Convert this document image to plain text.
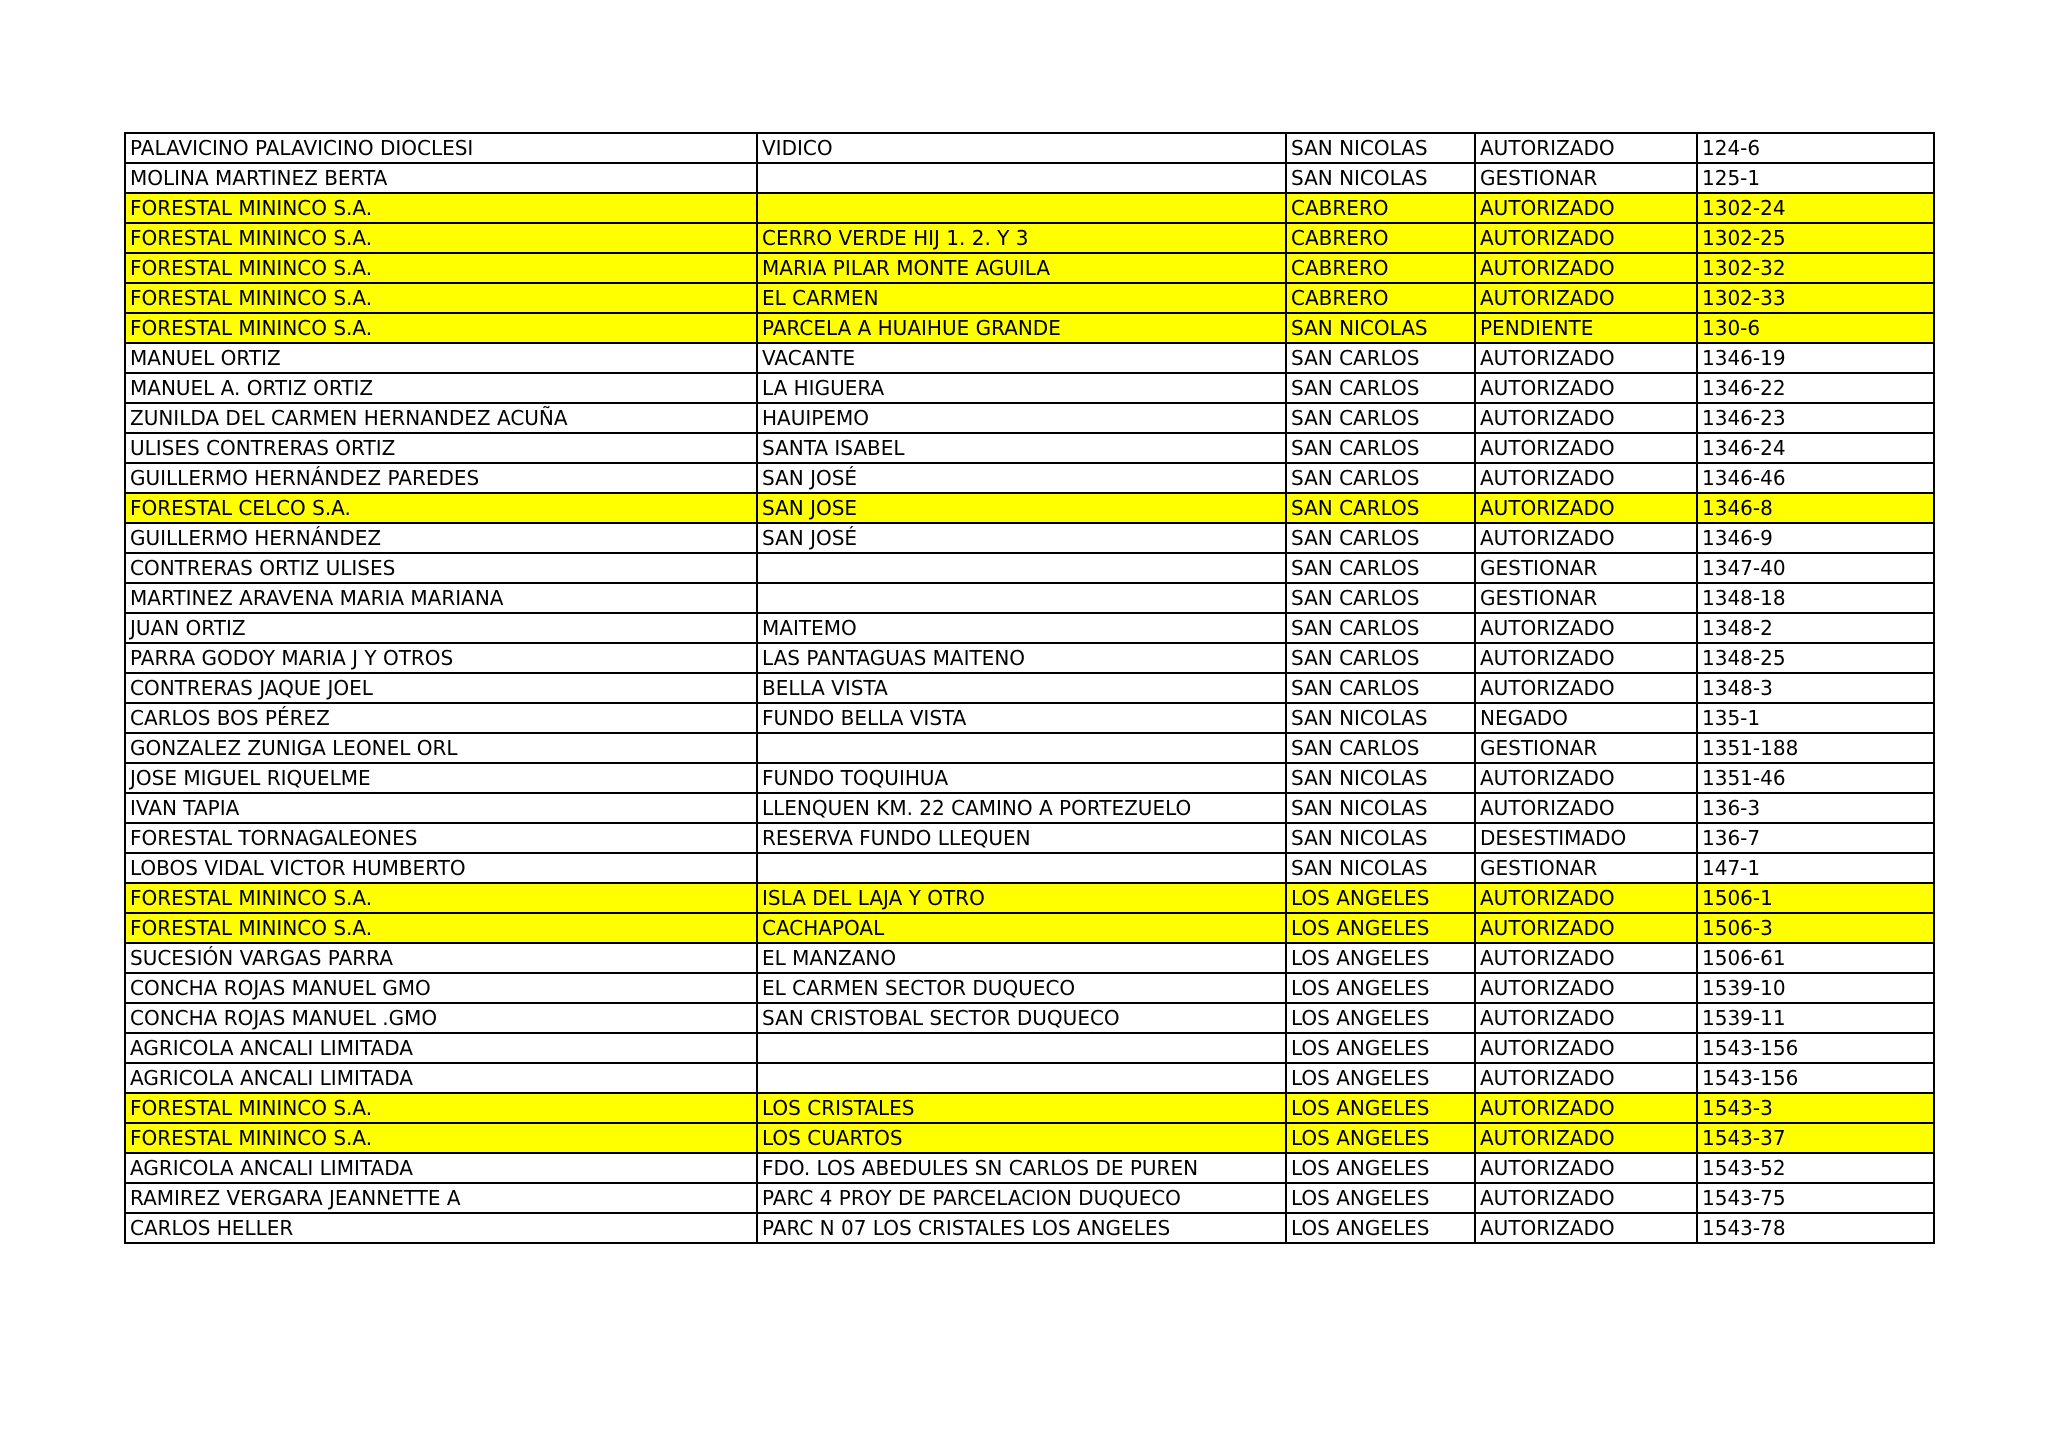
PALAVICINO PALAVICINO DIOCLESI	VIDICO	SAN NICOLAS	AUTORIZADO	124-6
MOLINA MARTINEZ BERTA		SAN NICOLAS	GESTIONAR	125-1
FORESTAL MININCO S.A.		CABRERO	AUTORIZADO	1302-24
FORESTAL MININCO S.A.	CERRO VERDE HIJ 1. 2. Y 3	CABRERO	AUTORIZADO	1302-25
FORESTAL MININCO S.A.	MARIA PILAR MONTE AGUILA	CABRERO	AUTORIZADO	1302-32
FORESTAL MININCO S.A.	EL CARMEN	CABRERO	AUTORIZADO	1302-33
FORESTAL MININCO S.A.	PARCELA A HUAIHUE GRANDE	SAN NICOLAS	PENDIENTE	130-6
MANUEL ORTIZ	VACANTE	SAN CARLOS	AUTORIZADO	1346-19
MANUEL A. ORTIZ ORTIZ	LA HIGUERA	SAN CARLOS	AUTORIZADO	1346-22
ZUNILDA DEL CARMEN HERNANDEZ ACUÑA	HAUIPEMO	SAN CARLOS	AUTORIZADO	1346-23
ULISES CONTRERAS ORTIZ	SANTA ISABEL	SAN CARLOS	AUTORIZADO	1346-24
GUILLERMO HERNÁNDEZ PAREDES	SAN JOSÉ	SAN CARLOS	AUTORIZADO	1346-46
FORESTAL CELCO S.A.	SAN JOSE	SAN CARLOS	AUTORIZADO	1346-8
GUILLERMO HERNÁNDEZ	SAN JOSÉ	SAN CARLOS	AUTORIZADO	1346-9
CONTRERAS ORTIZ ULISES		SAN CARLOS	GESTIONAR	1347-40
MARTINEZ ARAVENA MARIA MARIANA		SAN CARLOS	GESTIONAR	1348-18
JUAN ORTIZ	MAITEMO	SAN CARLOS	AUTORIZADO	1348-2
PARRA GODOY MARIA J Y OTROS	LAS PANTAGUAS MAITENO	SAN CARLOS	AUTORIZADO	1348-25
CONTRERAS JAQUE JOEL	BELLA VISTA	SAN CARLOS	AUTORIZADO	1348-3
CARLOS BOS PÉREZ	FUNDO BELLA VISTA	SAN NICOLAS	NEGADO	135-1
GONZALEZ ZUNIGA LEONEL ORL		SAN CARLOS	GESTIONAR	1351-188
JOSE MIGUEL RIQUELME	FUNDO TOQUIHUA	SAN NICOLAS	AUTORIZADO	1351-46
IVAN TAPIA	LLENQUEN KM. 22 CAMINO A PORTEZUELO	SAN NICOLAS	AUTORIZADO	136-3
FORESTAL TORNAGALEONES	RESERVA FUNDO LLEQUEN	SAN NICOLAS	DESESTIMADO	136-7
LOBOS VIDAL VICTOR HUMBERTO		SAN NICOLAS	GESTIONAR	147-1
FORESTAL MININCO S.A.	ISLA DEL LAJA Y OTRO	LOS ANGELES	AUTORIZADO	1506-1
FORESTAL MININCO S.A.	CACHAPOAL	LOS ANGELES	AUTORIZADO	1506-3
SUCESIÓN VARGAS PARRA	EL MANZANO	LOS ANGELES	AUTORIZADO	1506-61
CONCHA ROJAS MANUEL GMO	EL CARMEN SECTOR DUQUECO	LOS ANGELES	AUTORIZADO	1539-10
CONCHA ROJAS MANUEL .GMO	SAN CRISTOBAL SECTOR DUQUECO	LOS ANGELES	AUTORIZADO	1539-11
AGRICOLA ANCALI LIMITADA		LOS ANGELES	AUTORIZADO	1543-156
AGRICOLA ANCALI LIMITADA		LOS ANGELES	AUTORIZADO	1543-156
FORESTAL MININCO S.A.	LOS CRISTALES	LOS ANGELES	AUTORIZADO	1543-3
FORESTAL MININCO S.A.	LOS CUARTOS	LOS ANGELES	AUTORIZADO	1543-37
AGRICOLA ANCALI LIMITADA	FDO. LOS ABEDULES SN CARLOS DE PUREN	LOS ANGELES	AUTORIZADO	1543-52
RAMIREZ VERGARA JEANNETTE A	PARC 4 PROY DE PARCELACION DUQUECO	LOS ANGELES	AUTORIZADO	1543-75
CARLOS HELLER	PARC N 07 LOS CRISTALES LOS ANGELES	LOS ANGELES	AUTORIZADO	1543-78
